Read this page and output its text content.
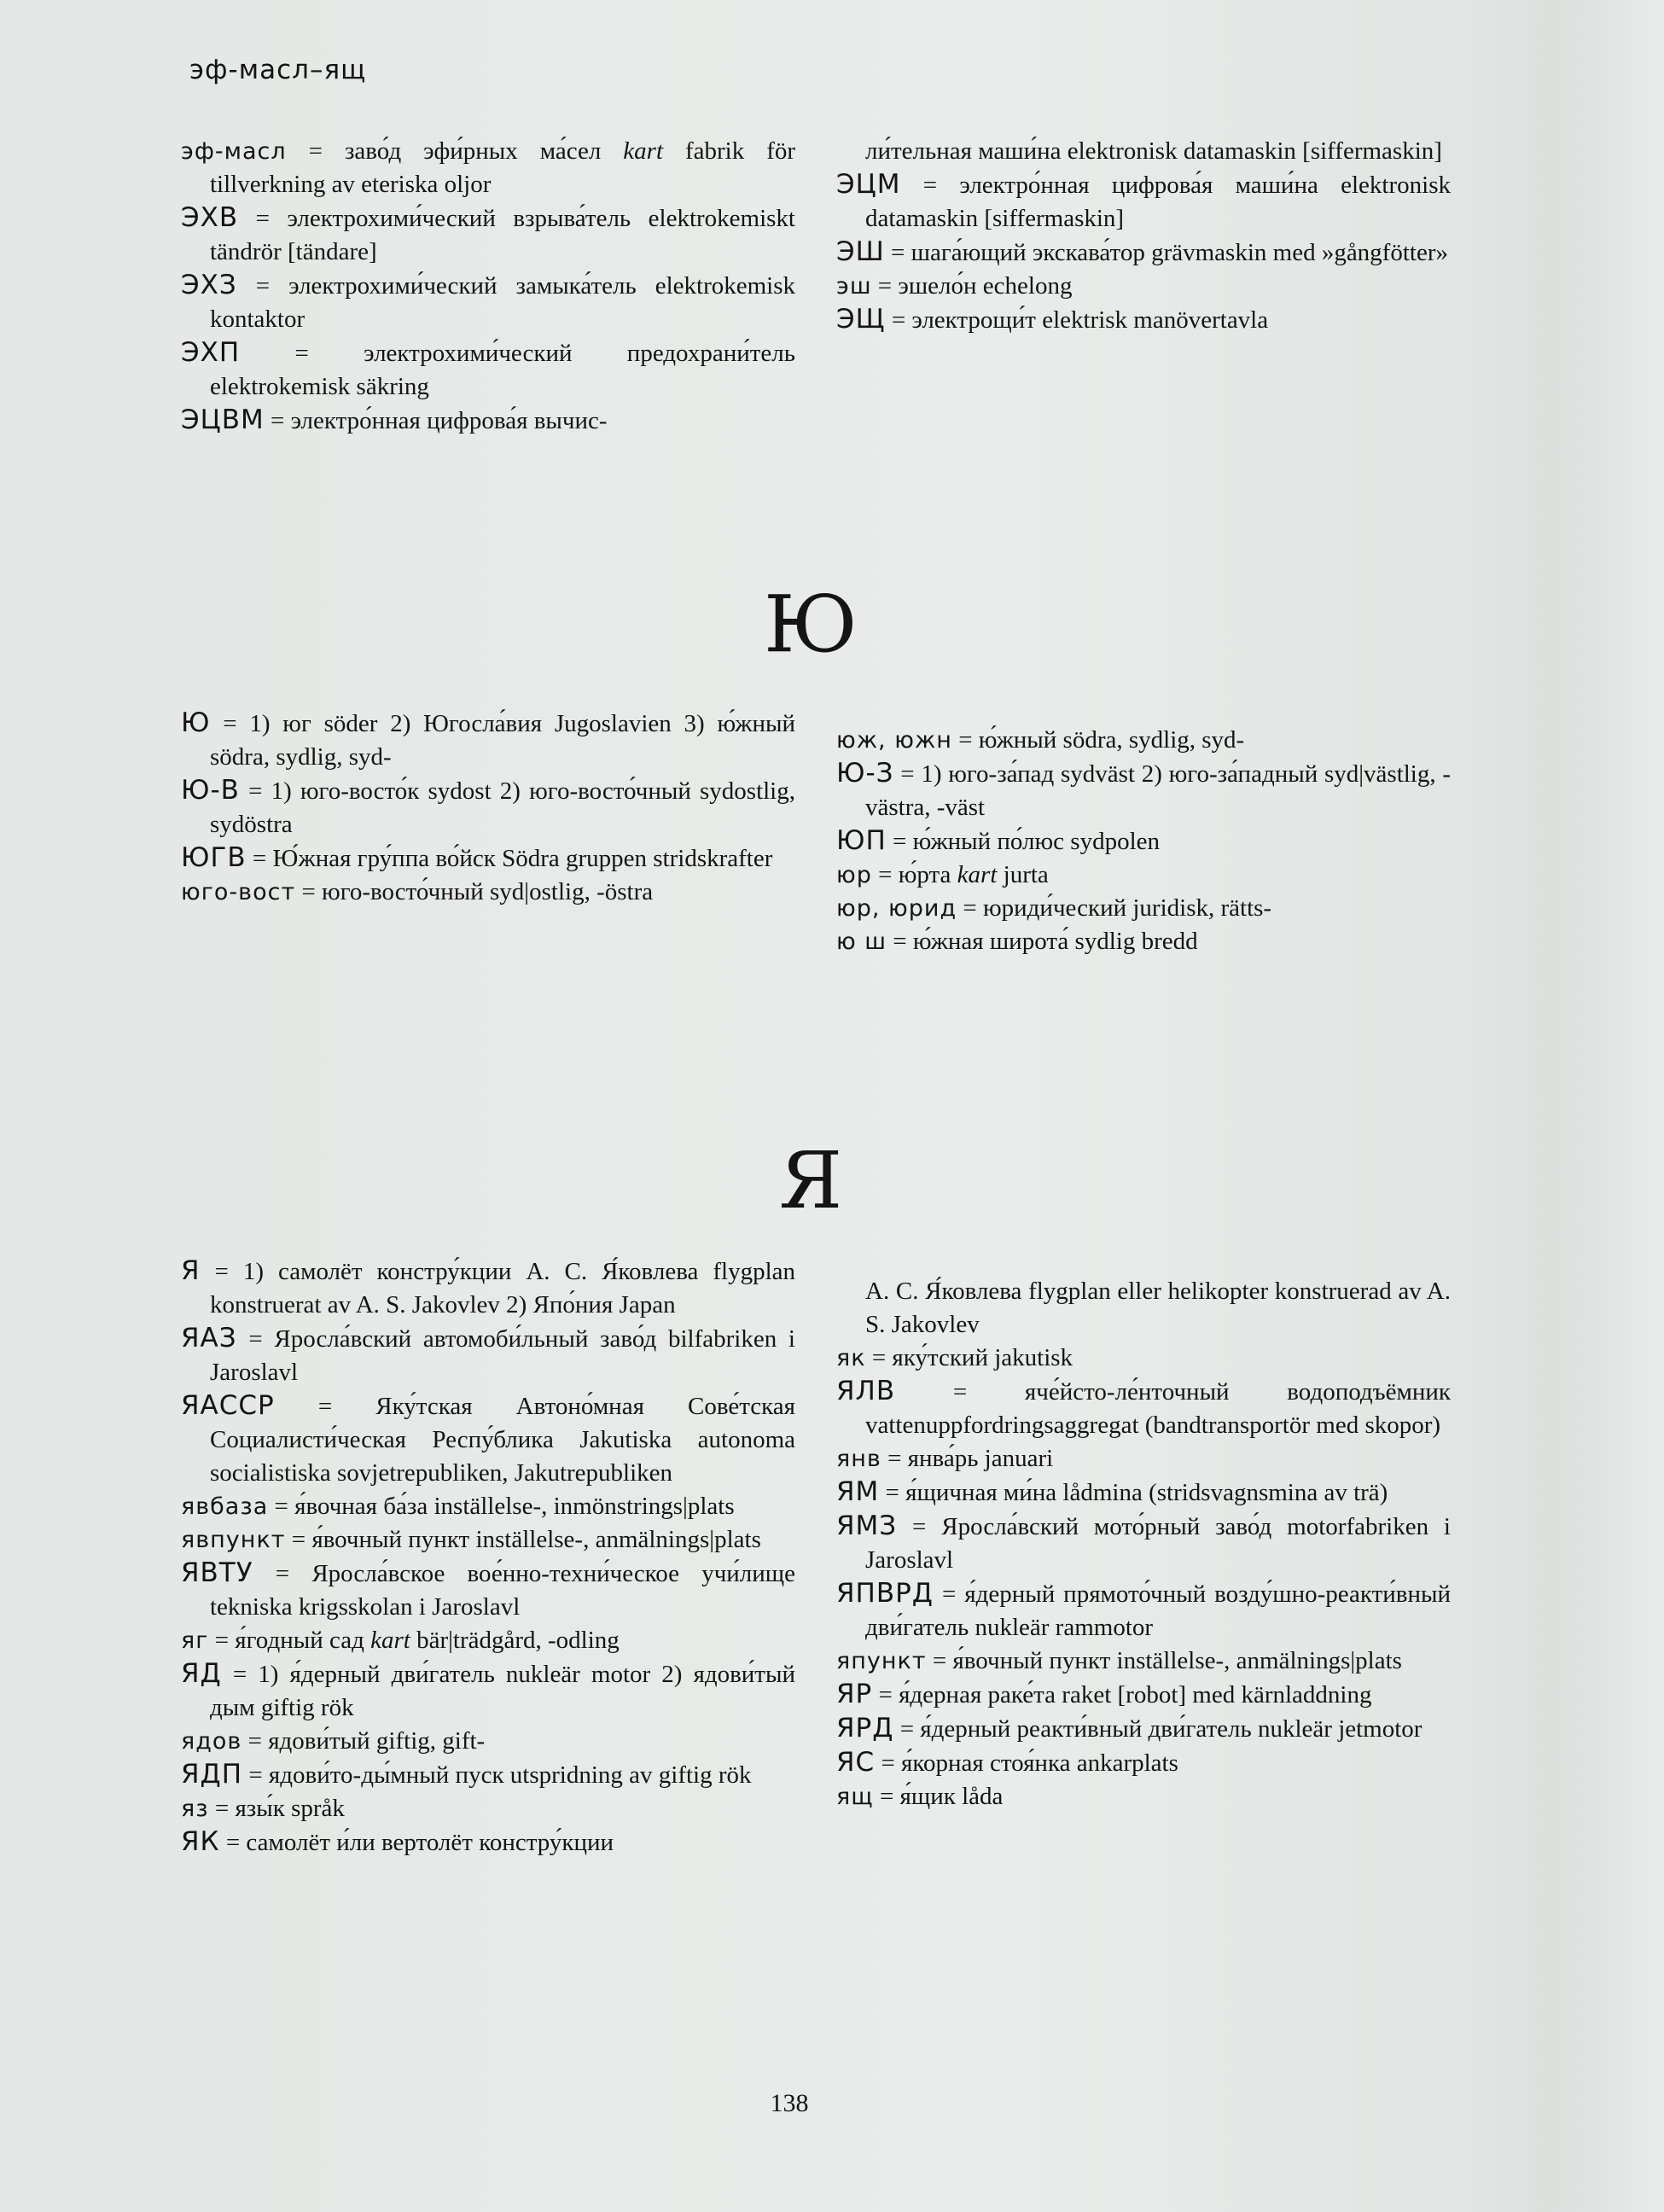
эф-масл–ящ

эф-масл = заво́д эфи́рных ма́сел kart fabrik för tillverkning av eteriska oljor

ЭХВ = электрохими́ческий взрыва́тель elektrokemiskt tändrör [tändare]

ЭХЗ = электрохими́ческий замыка́тель elektrokemisk kontaktor

ЭХП = электрохими́ческий предохрани́тель elektrokemisk säkring

ЭЦВМ = электро́нная цифрова́я вычис-

ли́тельная маши́на elektronisk datamaskin [siffermaskin]

ЭЦМ = электро́нная цифрова́я маши́на elektronisk datamaskin [siffermaskin]

ЭШ = шага́ющий экскава́тор grävmaskin med »gångfötter»

эш = эшело́н echelong

ЭЩ = электрощи́т elektrisk manövertavla

Ю

Ю = 1) юг söder 2) Югосла́вия Jugoslavien 3) ю́жный södra, sydlig, syd-

Ю-В = 1) юго-восто́к sydost 2) юго-восто́чный sydostlig, sydöstra

ЮГВ = Ю́жная гру́ппа во́йск Södra gruppen stridskrafter

юго-вост = юго-восто́чный syd|ostlig, -östra

юж, южн = ю́жный södra, sydlig, syd-

Ю-З = 1) юго-за́пад sydväst 2) юго-за́падный syd|västlig, -västra, -väst

ЮП = ю́жный по́люс sydpolen

юр = ю́рта kart jurta

юр, юрид = юриди́ческий juridisk, rätts-

ю ш = ю́жная широта́ sydlig bredd

Я

Я = 1) самолёт констру́кции А. С. Я́ковлева flygplan konstruerat av A. S. Jakovlev 2) Япо́ния Japan

ЯАЗ = Яросла́вский автомоби́льный заво́д bilfabriken i Jaroslavl

ЯАССР = Яку́тская Автоно́мная Сове́тская Социалисти́ческая Респу́блика Jakutiska autonoma socialistiska sovjetrepubliken, Jakutrepubliken

явбаза = я́вочная ба́за inställelse-, inmönstrings|plats

явпункт = я́вочный пункт inställelse-, anmälnings|plats

ЯВТУ = Яросла́вское вое́нно-техни́ческое учи́лище tekniska krigsskolan i Jaroslavl

яг = я́годный сад kart bär|trädgård, -odling

ЯД = 1) я́дерный дви́гатель nukleär motor 2) ядови́тый дым giftig rök

ядов = ядови́тый giftig, gift-

ЯДП = ядови́то-ды́мный пуск utspridning av giftig rök

яз = язы́к språk

ЯК = самолёт и́ли вертолёт констру́кции

А. С. Я́ковлева flygplan eller helikopter konstruerad av A. S. Jakovlev

як = яку́тский jakutisk

ЯЛВ = яче́йсто-ле́нточный водоподъёмник vattenuppfordringsaggregat (bandtransportör med skopor)

янв = янва́рь januari

ЯМ = я́щичная ми́на lådmina (stridsvagnsmina av trä)

ЯМЗ = Яросла́вский мото́рный заво́д motorfabriken i Jaroslavl

ЯПВРД = я́дерный прямото́чный возду́шно-реакти́вный дви́гатель nukleär rammotor

япункт = я́вочный пункт inställelse-, anmälnings|plats

ЯР = я́дерная раке́та raket [robot] med kärnladdning

ЯРД = я́дерный реакти́вный дви́гатель nukleär jetmotor

ЯС = я́корная стоя́нка ankarplats

ящ = я́щик låda

138
